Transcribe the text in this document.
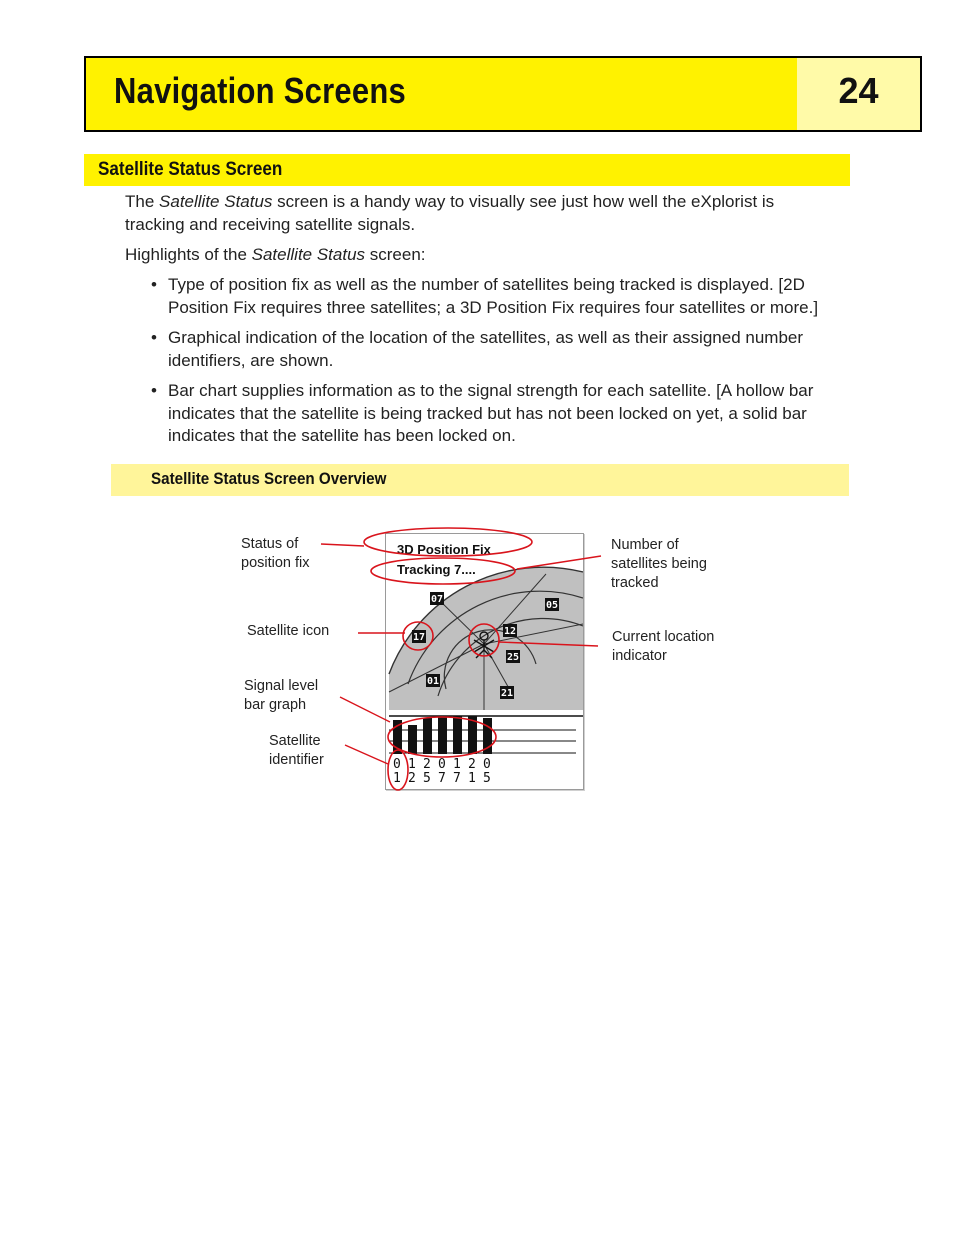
Navigation Screens	24
Satellite Status Screen

The Satellite Status screen is a handy way to visually see just how well the eXplorist is
tracking and receiving satellite signals.

Highlights of the Satellite Status screen:

• Type of position fix as well as the number of satellites being tracked is displayed. [2D
Position Fix requires three satellites; a 3D Position Fix requires four satellites or more.]
• Graphical indication of the location of the satellites, as well as their assigned number
identifiers, are shown.
• Bar chart supplies information as to the signal strength for each satellite. [A hollow bar
indicates that the satellite is being tracked but has not been locked on yet, a solid bar
indicates that the satellite has been locked on.
Satellite Status Screen Overview
07
05
17
12
25
01
21
0 1 2 0 1 2 0
1 2 5 7 7 1 5
3D Position Fix
Tracking 7....

Status of
position fix

Number of
satellites being
tracked

Satellite icon	Current location
indicator

Signal level
bar graph

Satellite
identifier
